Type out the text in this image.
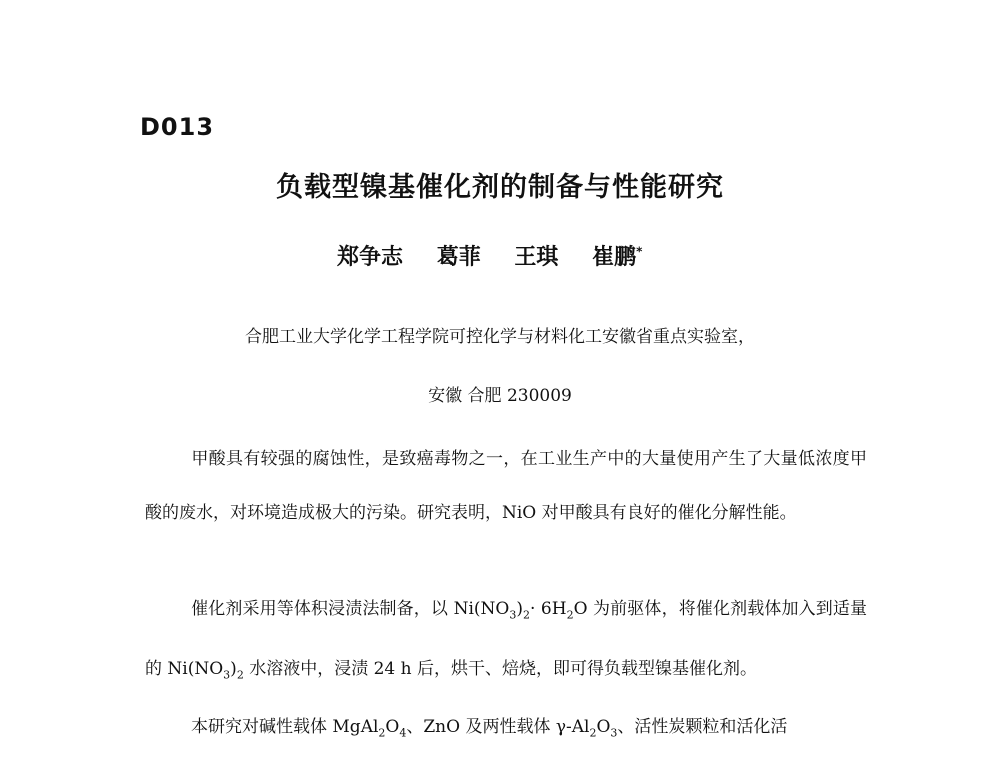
D013
负载型镍基催化剂的制备与性能研究
郑争志 葛菲 王琪 崔鹏*
合肥工业大学化学工程学院可控化学与材料化工安徽省重点实验室，
安徽 合肥 230009
甲酸具有较强的腐蚀性，是致癌毒物之一，在工业生产中的大量使用产生了大量低浓度甲酸的废水，对环境造成极大的污染。研究表明，NiO 对甲酸具有良好的催化分解性能。
催化剂采用等体积浸渍法制备，以 $Ni(NO_3)_2\cdot 6H_2O$ 为前驱体，将催化剂载体加入到适量的 $Ni(NO_3)_2$ 水溶液中，浸渍 24 h 后，烘干、焙烧，即可得负载型镍基催化剂。
本研究对碱性载体 $MgAl_2O_4$、ZnO 及两性载体 $\gamma-Al_2O_3$、活性炭颗粒和活化活
